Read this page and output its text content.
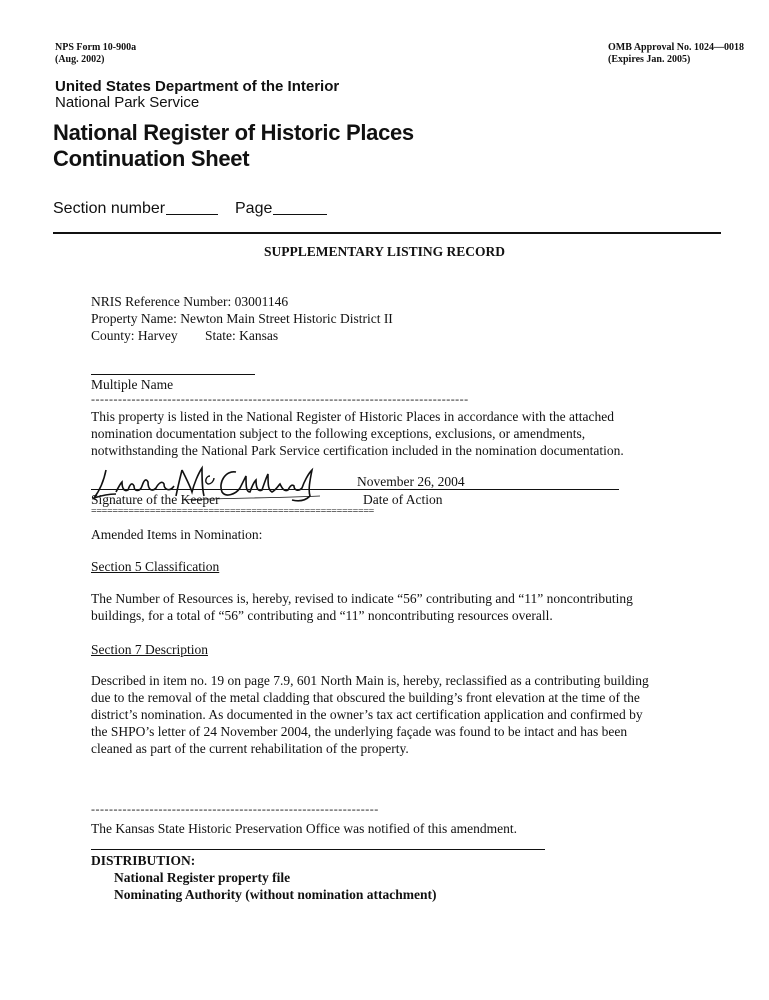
NPS Form 10-900a
(Aug. 2002)
OMB Approval No. 1024—0018
(Expires Jan. 2005)
United States Department of the Interior
National Park Service
National Register of Historic Places
Continuation Sheet
Section number	Page
SUPPLEMENTARY LISTING RECORD
NRIS Reference Number: 03001146
Property Name: Newton Main Street Historic District II
County: Harvey State: Kansas
Multiple Name
------------------------------------------------------------------------------------
This property is listed in the National Register of Historic Places in accordance with the attached
nomination documentation subject to the following exceptions, exclusions, or amendments,
notwithstanding the National Park Service certification included in the nomination documentation.
November 26, 2004
Signature of the Keeper	Date of Action
=====================================================
Amended Items in Nomination:
Section 5 Classification
The Number of Resources is, hereby, revised to indicate “56” contributing and “11” noncontributing
buildings, for a total of “56” contributing and “11” noncontributing resources overall.
Section 7 Description
Described in item no. 19 on page 7.9, 601 North Main is, hereby, reclassified as a contributing building
due to the removal of the metal cladding that obscured the building’s front elevation at the time of the
district’s nomination. As documented in the owner’s tax act certification application and confirmed by
the SHPO’s letter of 24 November 2004, the underlying façade was found to be intact and has been
cleaned as part of the current rehabilitation of the property.
----------------------------------------------------------------
The Kansas State Historic Preservation Office was notified of this amendment.
DISTRIBUTION:
National Register property file
Nominating Authority (without nomination attachment)
